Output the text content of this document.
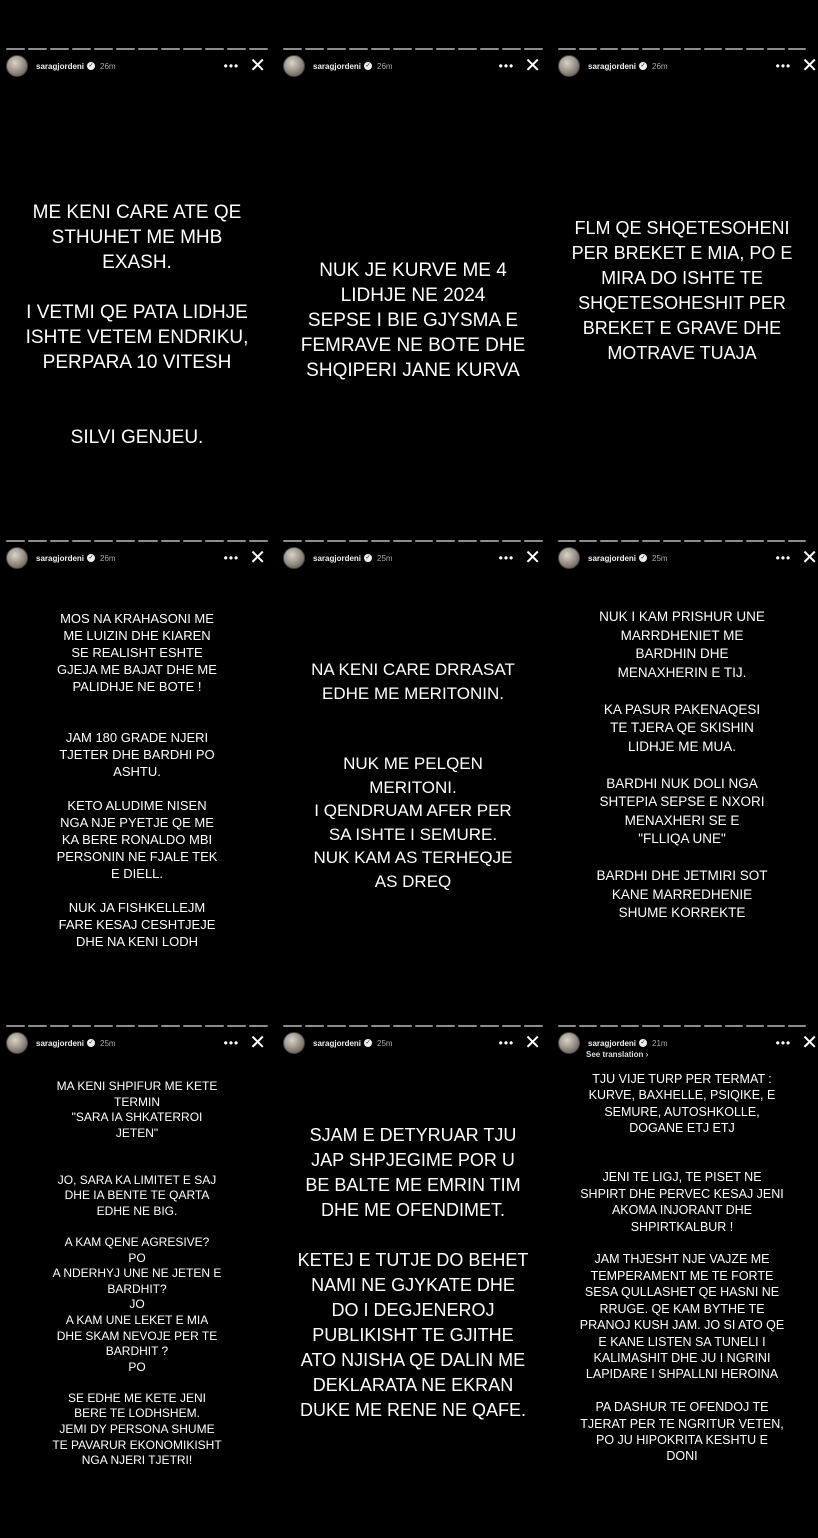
saragjordeni ✓ 26m	••• ✕
ME KENI CARE ATE QE
STHUHET ME MHB
EXASH.

I VETMI QE PATA LIDHJE
ISHTE VETEM ENDRIKU,
PERPARA 10 VITESH

SILVI GENJEU.
saragjordeni ✓ 26m	••• ✕
NUK JE KURVE ME 4
LIDHJE NE 2024
SEPSE I BIE GJYSMA E
FEMRAVE NE BOTE DHE
SHQIPERI JANE KURVA
saragjordeni ✓ 26m	••• ✕
FLM QE SHQETESOHENI
PER BREKET E MIA, PO E
MIRA DO ISHTE TE
SHQETESOHESHIT PER
BREKET E GRAVE DHE
MOTRAVE TUAJA
saragjordeni ✓ 26m	••• ✕
MOS NA KRAHASONI ME
ME LUIZIN DHE KIAREN
SE REALISHT ESHTE
GJEJA ME BAJAT DHE ME
PALIDHJE NE BOTE !

JAM 180 GRADE NJERI
TJETER DHE BARDHI PO
ASHTU.

KETO ALUDIME NISEN
NGA NJE PYETJE QE ME
KA BERE RONALDO MBI
PERSONIN NE FJALE TEK
E DIELL.

NUK JA FISHKELLEJM
FARE KESAJ CESHTJEJE
DHE NA KENI LODH
saragjordeni ✓ 25m	••• ✕
NA KENI CARE DRRASAT
EDHE ME MERITONIN.

NUK ME PELQEN
MERITONI.
I QENDRUAM AFER PER
SA ISHTE I SEMURE.
NUK KAM AS TERHEQJE
AS DREQ
saragjordeni ✓ 25m	••• ✕
NUK I KAM PRISHUR UNE
MARRDHENIET ME
BARDHIN DHE
MENAXHERIN E TIJ.

KA PASUR PAKENAQESI
TE TJERA QE SKISHIN
LIDHJE ME MUA.

BARDHI NUK DOLI NGA
SHTEPIA SEPSE E NXORI
MENAXHERI SE E
"FLLIQA UNE"

BARDHI DHE JETMIRI SOT
KANE MARREDHENIE
SHUME KORREKTE
saragjordeni ✓ 25m	••• ✕
MA KENI SHPIFUR ME KETE
TERMIN
"SARA IA SHKATERROI
JETEN"

JO, SARA KA LIMITET E SAJ
DHE IA BENTE TE QARTA
EDHE NE BIG.

A KAM QENE AGRESIVE?
PO
A NDERHYJ UNE NE JETEN E
BARDHIT?
JO
A KAM UNE LEKET E MIA
DHE SKAM NEVOJE PER TE
BARDHIT ?
PO

SE EDHE ME KETE JENI
BERE TE LODHSHEM.
JEMI DY PERSONA SHUME
TE PAVARUR EKONOMIKISHT
NGA NJERI TJETRI!
saragjordeni ✓ 25m	••• ✕
SJAM E DETYRUAR TJU
JAP SHPJEGIME POR U
BE BALTE ME EMRIN TIM
DHE ME OFENDIMET.

KETEJ E TUTJE DO BEHET
NAMI NE GJYKATE DHE
DO I DEGJENEROJ
PUBLIKISHT TE GJITHE
ATO NJISHA QE DALIN ME
DEKLARATA NE EKRAN
DUKE ME RENE NE QAFE.
saragjordeni ✓ 21m	••• ✕
See translation ›
TJU VIJE TURP PER TERMAT :
KURVE, BAXHELLE, PSIQIKE, E
SEMURE, AUTOSHKOLLE,
DOGANE ETJ ETJ

JENI TE LIGJ, TE PISET NE
SHPIRT DHE PERVEC KESAJ JENI
AKOMA INJORANT DHE
SHPIRTKALBUR !

JAM THJESHT NJE VAJZE ME
TEMPERAMENT ME TE FORTE
SESA QULLASHET QE HASNI NE
RRUGE. QE KAM BYTHE TE
PRANOJ KUSH JAM. JO SI ATO QE
E KANE LISTEN SA TUNELI I
KALIMASHIT DHE JU I NGRINI
LAPIDARE I SHPALLNI HEROINA

PA DASHUR TE OFENDOJ TE
TJERAT PER TE NGRITUR VETEN,
PO JU HIPOKRITA KESHTU E
DONI
